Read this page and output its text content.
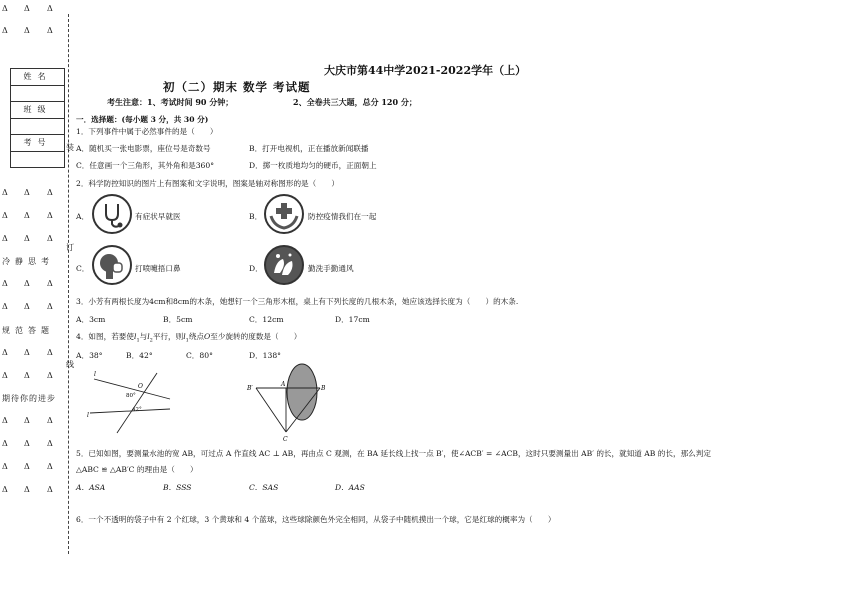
Δ Δ Δ
Δ Δ Δ
Δ Δ Δ
Δ Δ Δ
Δ Δ Δ
Δ Δ Δ
Δ Δ Δ
Δ Δ Δ
Δ Δ Δ
Δ Δ Δ
Δ Δ Δ
Δ Δ Δ
Δ Δ Δ
姓名
班级
考号
冷静思考
规范答题
期待你的进步
装
订
线
大庆市第44中学2021-2022学年（上）
初（二）期末 数学 考试题
考生注意：1、考试时间 90 分钟；	2、全卷共三大题，总分 120 分；
一．选择题：(每小题 3 分，共 30 分)
1．下列事件中属于必然事件的是（　　）
A．随机买一张电影票，座位号是奇数号	B．打开电视机，正在播放新闻联播
C．任意画一个三角形，其外角和是360°	D．掷一枚质地均匀的硬币，正面朝上
2．科学防控知识的图片上有图案和文字说明，图案是轴对称图形的是（　　）
A．	有症状早就医	B．	防控疫情我们在一起
C．	打喷嚏捂口鼻	D．	勤洗手勤通风
3．小芳有两根长度为4cm和8cm的木条，她想钉一个三角形木框，桌上有下列长度的几根木条，她应该选择长度为（　　）的木条.
A．3cm	B．5cm	C．12cm	D．17cm
4．如图，若要使$l_1$与$l_2$平行，则$l_1$绕点O至少旋转的度数是（　　）
A．38°	B．42°	C．80°	D．138°
l
l
O
80°
42°
B′
A
B
C
5．已知如图，要测量水池的宽 AB，可过点 A 作直线 AC ⊥ AB，再由点 C 观测，在 BA 延长线上找一点 B′，使∠ACB′ = ∠ACB，这时只要测量出 AB′ 的长，就知道 AB 的长，那么判定
△ABC ≌ △AB′C 的理由是（　　）
A．ASA	B．SSS	C．SAS	D．AAS
6．一个不透明的袋子中有 2 个红球，3 个黄球和 4 个蓝球，这些球除颜色外完全相同，从袋子中随机摸出一个球，它是红球的概率为（　　）
